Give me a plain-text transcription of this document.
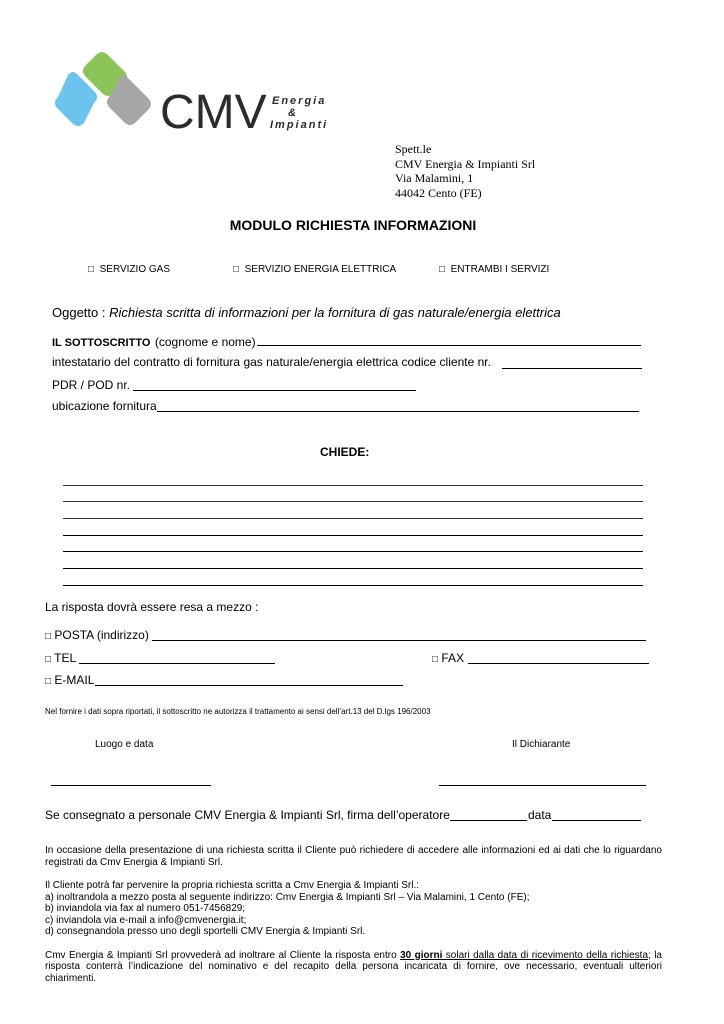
CMV Energia
&
Impianti
Spett.le
CMV Energia & Impianti Srl
Via Malamini, 1
44042 Cento (FE)
MODULO RICHIESTA INFORMAZIONI
□ SERVIZIO GAS	□ SERVIZIO ENERGIA ELETTRICA	□ ENTRAMBI I SERVIZI
Oggetto : Richiesta scritta di informazioni per la fornitura di gas naturale/energia elettrica
IL SOTTOSCRITTO (cognome e nome)
intestatario del contratto di fornitura gas naturale/energia elettrica codice cliente nr.
PDR / POD nr.
ubicazione fornitura
CHIEDE:
La risposta dovrà essere resa a mezzo :
□ POSTA (indirizzo)
□ TEL	□ FAX
□ E-MAIL
Nel fornire i dati sopra riportati, il sottoscritto ne autorizza il trattamento ai sensi dell’art.13 del D.lgs 196/2003
Luogo e data	Il Dichiarante
Se consegnato a personale CMV Energia & Impianti Srl, firma dell’operatore	data

In occasione della presentazione di una richiesta scritta il Cliente può richiedere di accedere alle informazioni ed ai dati che lo riguardano registrati da Cmv Energia & Impianti Srl.

Il Cliente potrà far pervenire la propria richiesta scritta a Cmv Energia & Impianti Srl.:

a) inoltrandola a mezzo posta al seguente indirizzo: Cmv Energia & Impianti Srl – Via Malamini, 1 Cento (FE);

b) inviandola via fax al numero 051-7456829;

c) inviandola via e-mail a info@cmvenergia.it;

d) consegnandola presso uno degli sportelli CMV Energia & Impianti Srl.

Cmv Energia & Impianti Srl provvederà ad inoltrare al Cliente la risposta entro 30 giorni solari dalla data di ricevimento della richiesta; la risposta conterrà l’indicazione del nominativo e del recapito della persona incaricata di fornire, ove necessario, eventuali ulteriori chiarimenti.
